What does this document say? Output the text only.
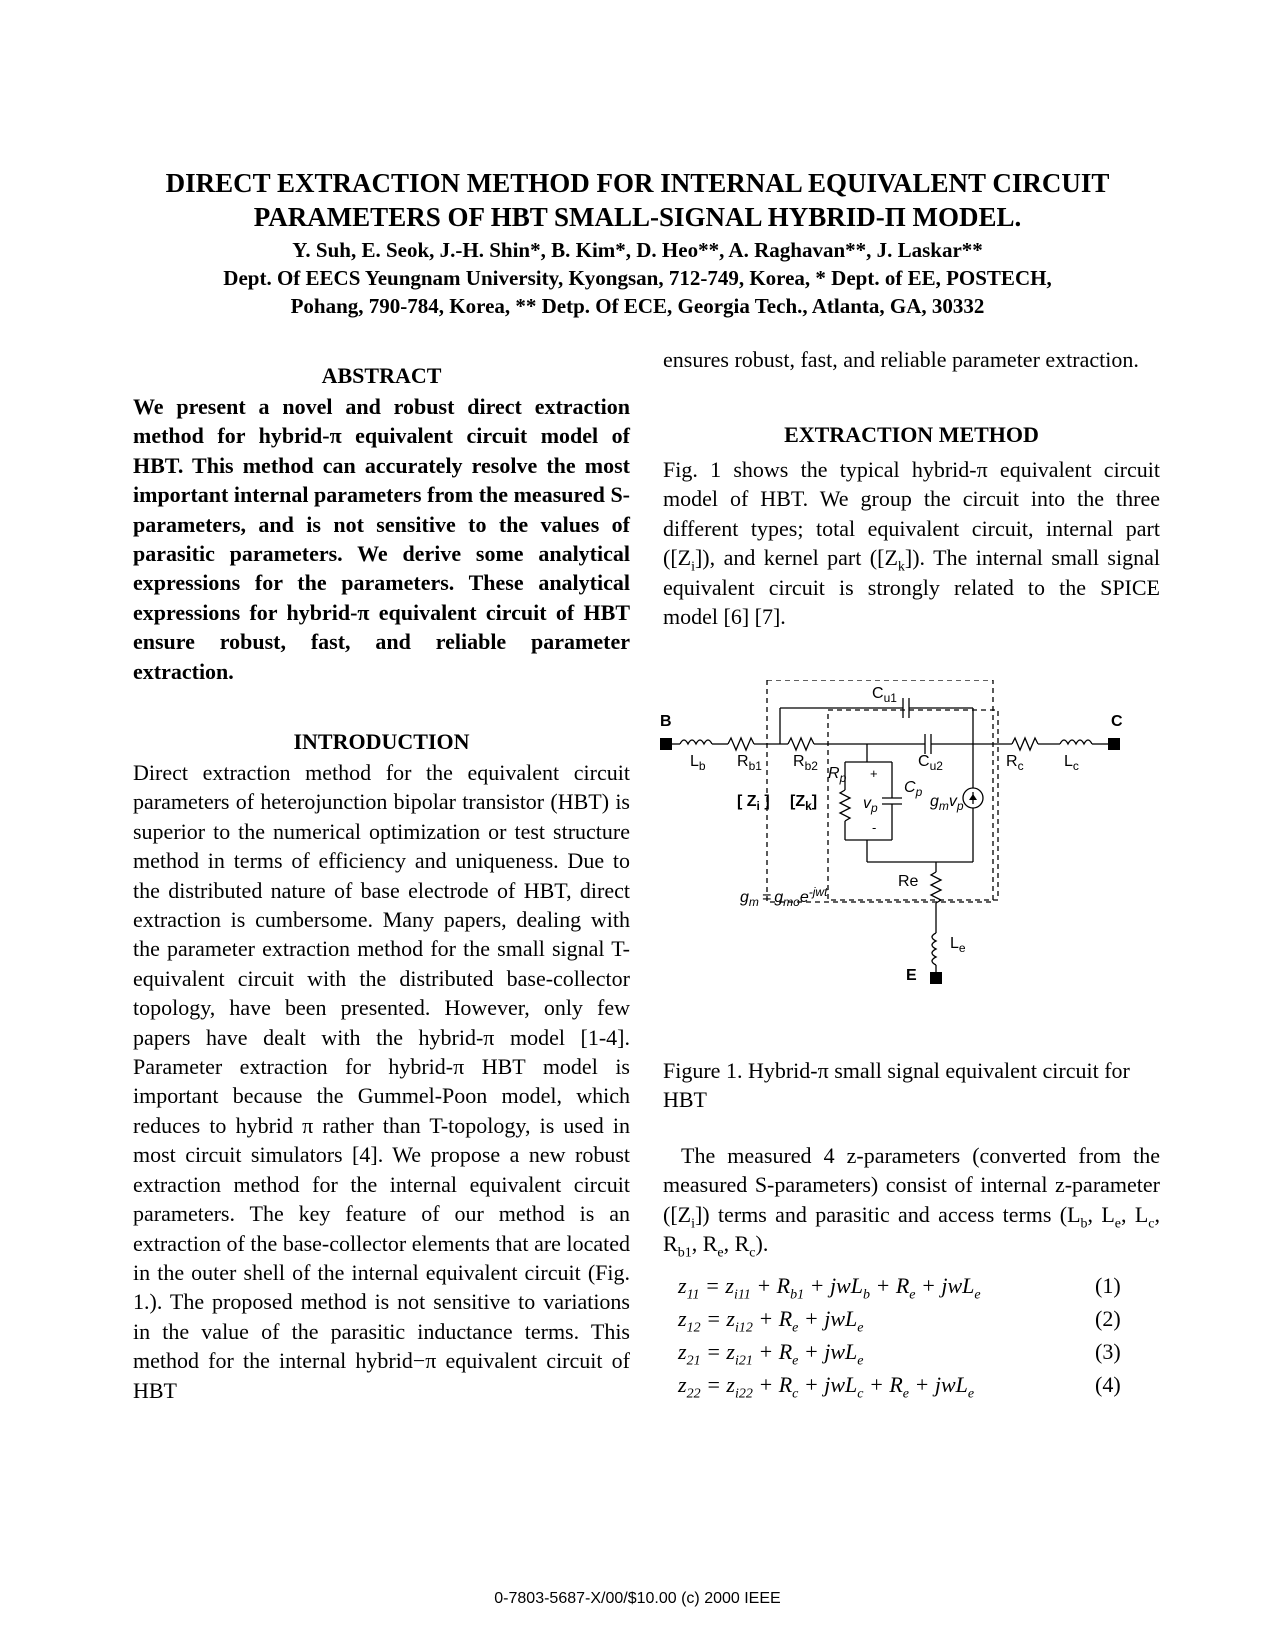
DIRECT EXTRACTION METHOD FOR INTERNAL EQUIVALENT CIRCUIT
PARAMETERS OF HBT SMALL-SIGNAL HYBRID-Π MODEL.
Y. Suh, E. Seok, J.-H. Shin*, B. Kim*, D. Heo**, A. Raghavan**, J. Laskar**
Dept. Of EECS Yeungnam University, Kyongsan, 712-749, Korea, * Dept. of EE, POSTECH,
Pohang, 790-784, Korea, ** Detp. Of ECE, Georgia Tech., Atlanta, GA, 30332
ABSTRACT
We present a novel and robust direct extraction method for hybrid-π equivalent circuit model of HBT. This method can accurately resolve the most important internal parameters from the measured S-parameters, and is not sensitive to the values of parasitic parameters. We derive some analytical expressions for the parameters. These analytical expressions for hybrid-π equivalent circuit of HBT ensure robust, fast, and reliable parameter extraction.
INTRODUCTION
Direct extraction method for the equivalent circuit parameters of heterojunction bipolar transistor (HBT) is superior to the numerical optimization or test structure method in terms of efficiency and uniqueness. Due to the distributed nature of base electrode of HBT, direct extraction is cumbersome. Many papers, dealing with the parameter extraction method for the small signal T-equivalent circuit with the distributed base-collector topology, have been presented. However, only few papers have dealt with the hybrid-π model [1-4]. Parameter extraction for hybrid-π HBT model is important because the Gummel-Poon model, which reduces to hybrid π rather than T-topology, is used in most circuit simulators [4]. We propose a new robust extraction method for the internal equivalent circuit parameters. The key feature of our method is an extraction of the base-collector elements that are located in the outer shell of the internal equivalent circuit (Fig. 1.). The proposed method is not sensitive to variations in the value of the parasitic inductance terms. This method for the internal hybrid−π equivalent circuit of HBT
ensures robust, fast, and reliable parameter extraction.
EXTRACTION METHOD
Fig. 1 shows the typical hybrid-π equivalent circuit model of HBT. We group the circuit into the three different types; total equivalent circuit, internal part $([Z_i])$, and kernel part $([Z_k])$. The internal small signal equivalent circuit is strongly related to the SPICE model [6] [7].
B	C
E
$L_b$ $R_{b1}$ $R_{b2}$
$C_{u1}$
$C_{u2}$	$R_c$	$L_c$
$R_p$
$v_p$
$C_p$
$g_mv_p$
+
-
[ $Z_i$ ] $[Z_k]$
Re
$L_e$
$g_m = g_{mo}e^{-jwt}$
Figure 1. Hybrid-π small signal equivalent circuit for HBT
The measured 4 z-parameters (converted from the measured S-parameters) consist of internal z-parameter $([Z_i])$ terms and parasitic and access terms ($L_b$, $L_e$, $L_c$, $R_{b1}$, $R_e$, $R_c$).
$z_{11} = z_{i11} + R_{b1} + jwL_b + R_e + jwL_e$	(1)
$z_{12} = z_{i12} + R_e + jwL_e$	(2)
$z_{21} = z_{i21} + R_e + jwL_e$	(3)
$z_{22} = z_{i22} + R_c + jwL_c + R_e + jwL_e$	(4)
0-7803-5687-X/00/$10.00 (c) 2000 IEEE
